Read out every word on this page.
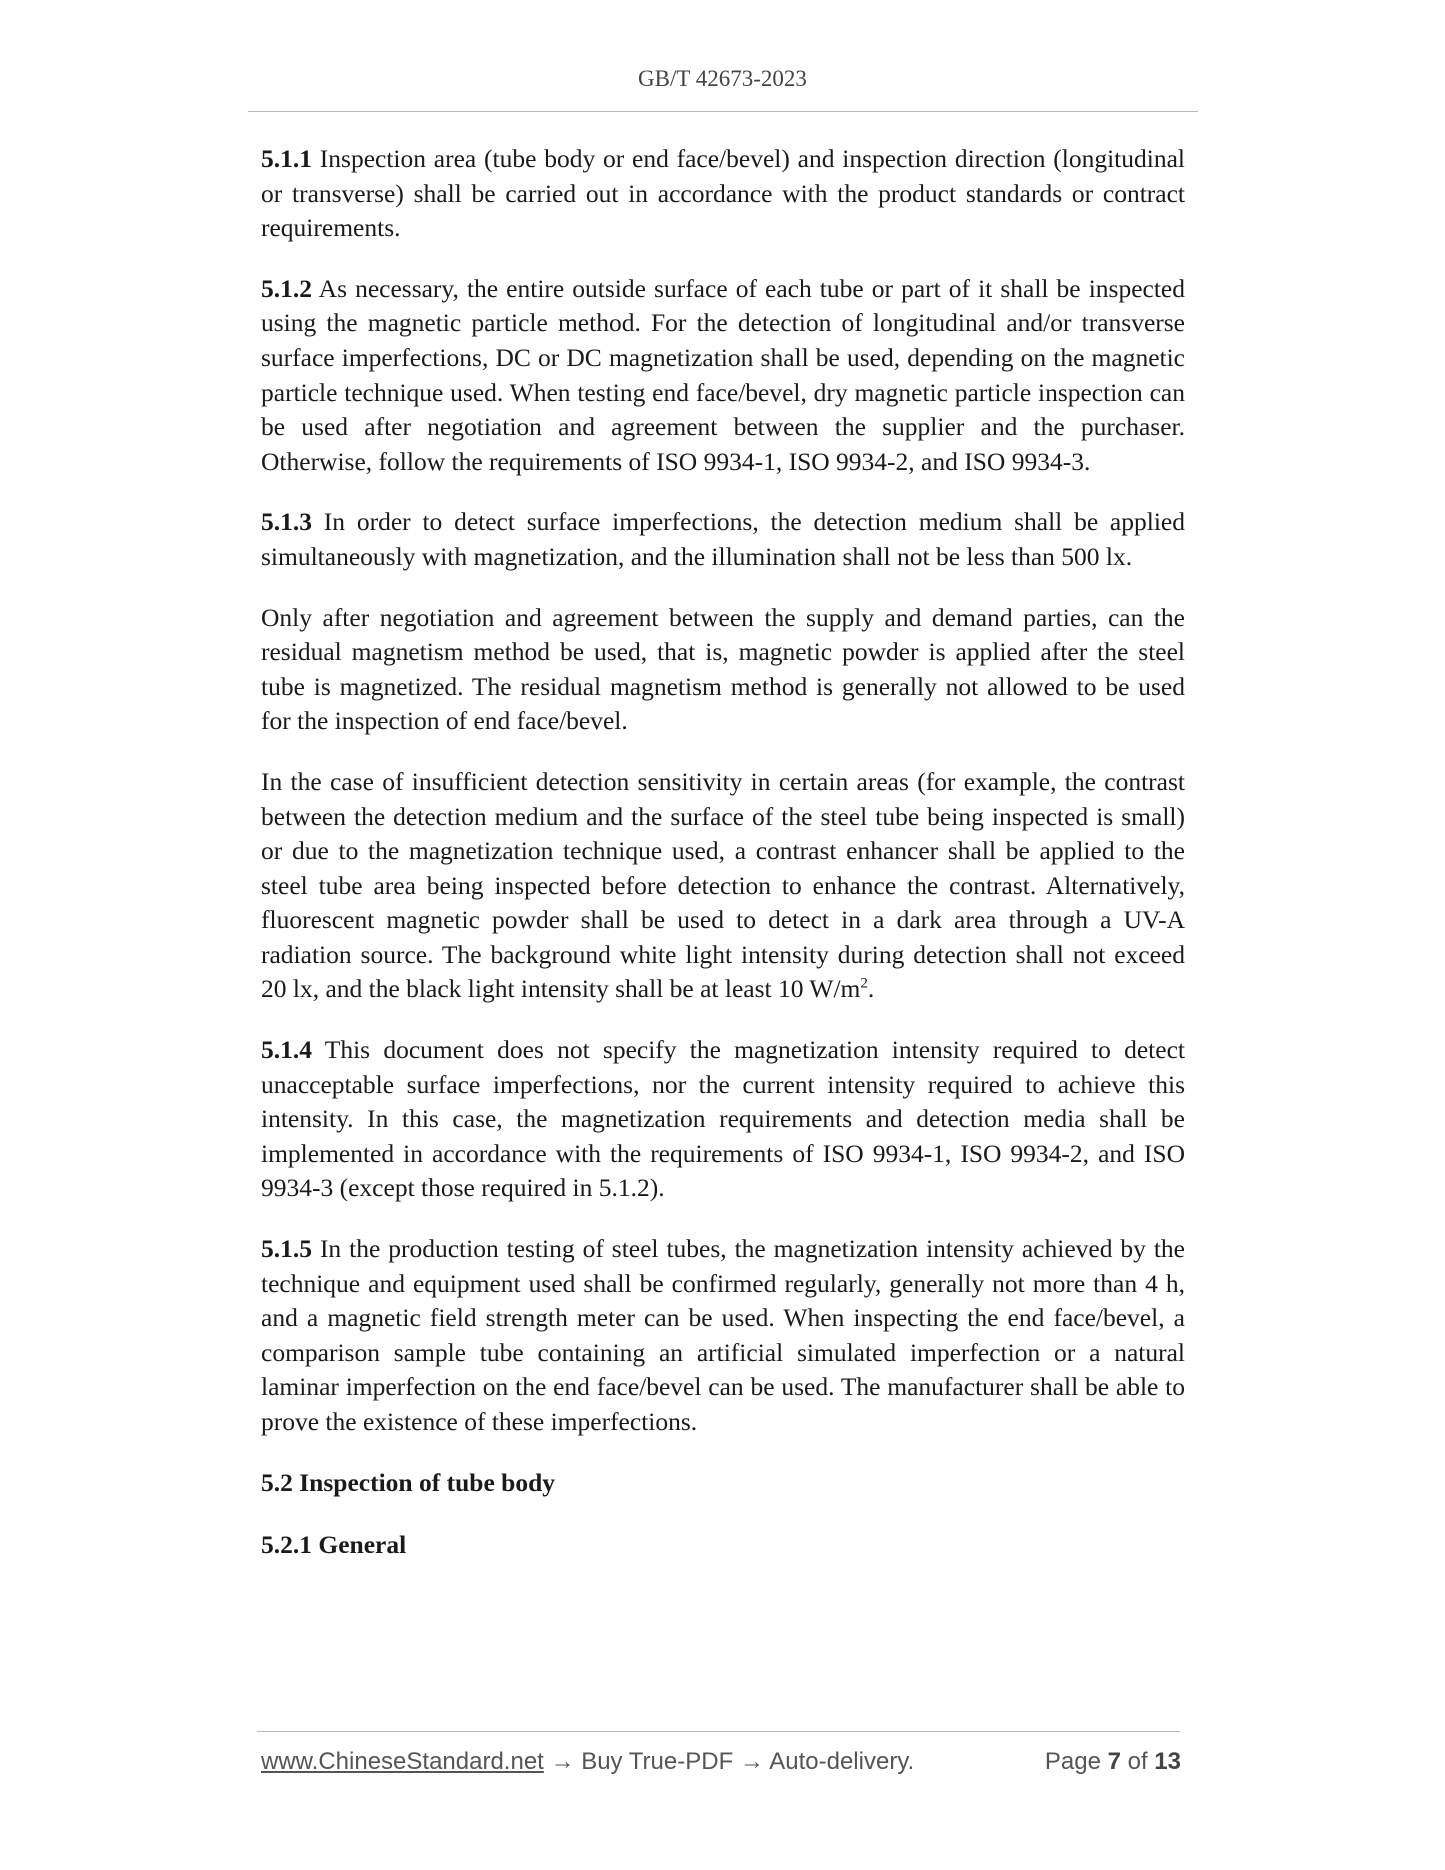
GB/T 42673-2023

5.1.1 Inspection area (tube body or end face/bevel) and inspection direction (longitudinal or transverse) shall be carried out in accordance with the product standards or contract requirements.

5.1.2 As necessary, the entire outside surface of each tube or part of it shall be inspected using the magnetic particle method. For the detection of longitudinal and/or transverse surface imperfections, DC or DC magnetization shall be used, depending on the magnetic particle technique used. When testing end face/bevel, dry magnetic particle inspection can be used after negotiation and agreement between the supplier and the purchaser. Otherwise, follow the requirements of ISO 9934-1, ISO 9934-2, and ISO 9934-3.

5.1.3 In order to detect surface imperfections, the detection medium shall be applied simultaneously with magnetization, and the illumination shall not be less than 500 lx.

Only after negotiation and agreement between the supply and demand parties, can the residual magnetism method be used, that is, magnetic powder is applied after the steel tube is magnetized. The residual magnetism method is generally not allowed to be used for the inspection of end face/bevel.

In the case of insufficient detection sensitivity in certain areas (for example, the contrast between the detection medium and the surface of the steel tube being inspected is small) or due to the magnetization technique used, a contrast enhancer shall be applied to the steel tube area being inspected before detection to enhance the contrast. Alternatively, fluorescent magnetic powder shall be used to detect in a dark area through a UV-A radiation source. The background white light intensity during detection shall not exceed 20 lx, and the black light intensity shall be at least 10 $W/m^2$.

5.1.4 This document does not specify the magnetization intensity required to detect unacceptable surface imperfections, nor the current intensity required to achieve this intensity. In this case, the magnetization requirements and detection media shall be implemented in accordance with the requirements of ISO 9934-1, ISO 9934-2, and ISO 9934-3 (except those required in 5.1.2).

5.1.5 In the production testing of steel tubes, the magnetization intensity achieved by the technique and equipment used shall be confirmed regularly, generally not more than 4 h, and a magnetic field strength meter can be used. When inspecting the end face/bevel, a comparison sample tube containing an artificial simulated imperfection or a natural laminar imperfection on the end face/bevel can be used. The manufacturer shall be able to prove the existence of these imperfections.

5.2 Inspection of tube body

5.2.1 General

www.ChineseStandard.net → Buy True-PDF → Auto-delivery.	Page 7 of 13
